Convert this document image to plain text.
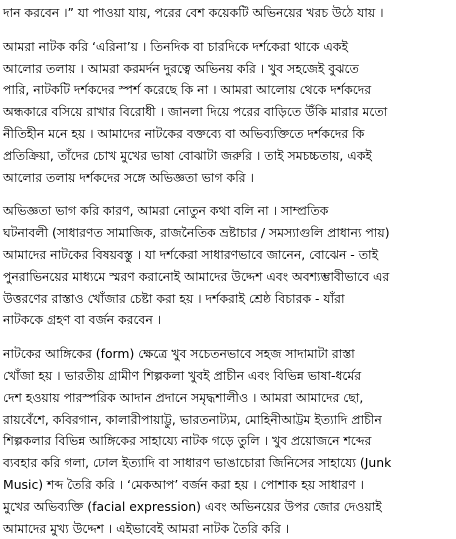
দান করবেন ।” যা পাওয়া যায়, পরের বেশ কয়েকটি অভিনয়ের খরচ উঠে যায় ।
আমরা নাটক করি ‘এরিনা’য় । তিনদিক বা চারদিকে দর্শকেরা থাকে একই
আলোর তলায় । আমরা করমর্দন দুরত্বে অভিনয় করি । খুব সহজেই বুঝতে
পারি, নাটকটি দর্শকদের স্পর্শ করেছে কি না । আমরা আলোয় থেকে দর্শকদের
অন্ধকারে বসিয়ে রাখার বিরোধী । জানলা দিয়ে পরের বাড়িতে উঁকি মারার মতো
নীতিহীন মনে হয় । আমাদের নাটকের বক্তব্যে বা অভিব্যক্তিতে দর্শকদের কি
প্রতিক্রিয়া, তাঁদের চোখ মুখের ভাষা বোঝাটা জরুরি । তাই সমচচ্চতায়, একই
আলোর তলায় দর্শকদের সঙ্গে অভিজ্ঞতা ভাগ করি ।
অভিজ্ঞতা ভাগ করি কারণ, আমরা নোতুন কথা বলি না । সাম্প্রতিক
ঘটনাবলী (সাধারণত সামাজিক, রাজনৈতিক ভ্রষ্টাচার / সমস্যাগুলি প্রাধান্য পায়)
আমাদের নাটকের বিষয়বস্তু । যা দর্শকেরা সাধারণভাবে জানেন, বোঝেন - তাই
পুনরাভিনয়ের মাধ্যমে স্মরণ করানোই আমাদের উদ্দেশ এবং অবশ্যম্ভাবীভাবে এর
উত্তরণের রাস্তাও খোঁজার চেষ্টা করা হয় । দর্শকরাই শ্রেষ্ঠ বিচারক - যাঁরা
নাটককে গ্রহণ বা বর্জন করবেন ।
নাটকের আঙ্গিকের (form) ক্ষেত্রে খুব সচেতনভাবে সহজ সাদামাটা রাস্তা
খোঁজা হয় । ভারতীয় গ্রামীণ শিল্পকলা খুবই প্রাচীন এবং বিভিন্ন ভাষা-ধর্মের
দেশ হওয়ায় পারস্পরিক আদান প্রদানে সমৃদ্ধশালীও । আমরা আমাদের ছো,
রায়বেঁশে, কবিরগান, কালারীপায়াট্টু, ভারতনাট্যম, মোহিনীআট্টম ইত্যাদি প্রাচীন
শিল্পকলার বিভিন্ন আঙ্গিকের সাহায্যে নাটক গড়ে তুলি । খুব প্রয়োজনে শব্দের
ব্যবহার করি গলা, ঢোল ইত্যাদি বা সাধারণ ভাঙাচোরা জিনিসের সাহায্যে (Junk
Music) শব্দ তৈরি করি । ‘মেকআপ’ বর্জন করা হয় । পোশাক হয় সাধারণ ।
মুখের অভিব্যক্তি (facial expression) এবং অভিনয়ের উপর জোর দেওয়াই
আমাদের মুখ্য উদ্দেশ । এইভাবেই আমরা নাটক তৈরি করি ।
